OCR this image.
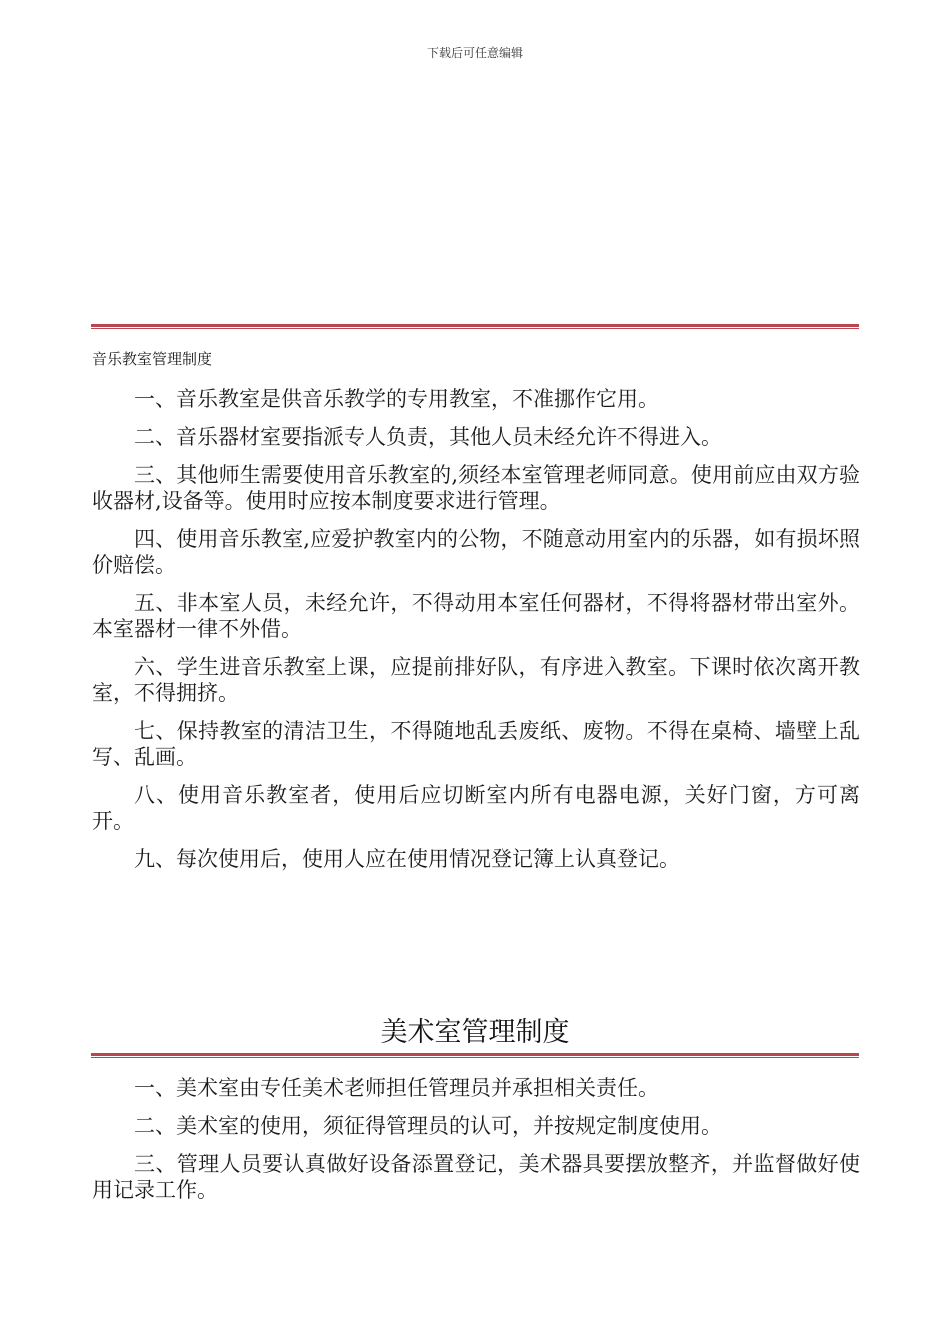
下载后可任意编辑
音乐教室管理制度
一、音乐教室是供音乐教学的专用教室，不准挪作它用。
二、音乐器材室要指派专人负责，其他人员未经允许不得进入。
三、其他师生需要使用音乐教室的,须经本室管理老师同意。使用前应由双方验收器材,设备等。使用时应按本制度要求进行管理。
四、使用音乐教室,应爱护教室内的公物，不随意动用室内的乐器，如有损坏照价赔偿。
五、非本室人员，未经允许，不得动用本室任何器材，不得将器材带出室外。本室器材一律不外借。
六、学生进音乐教室上课，应提前排好队，有序进入教室。下课时依次离开教室，不得拥挤。
七、保持教室的清洁卫生，不得随地乱丢废纸、废物。不得在桌椅、墙壁上乱写、乱画。
八、使用音乐教室者，使用后应切断室内所有电器电源，关好门窗，方可离开。
九、每次使用后，使用人应在使用情况登记簿上认真登记。
美术室管理制度
一、美术室由专任美术老师担任管理员并承担相关责任。
二、美术室的使用，须征得管理员的认可，并按规定制度使用。
三、管理人员要认真做好设备添置登记，美术器具要摆放整齐，并监督做好使用记录工作。
